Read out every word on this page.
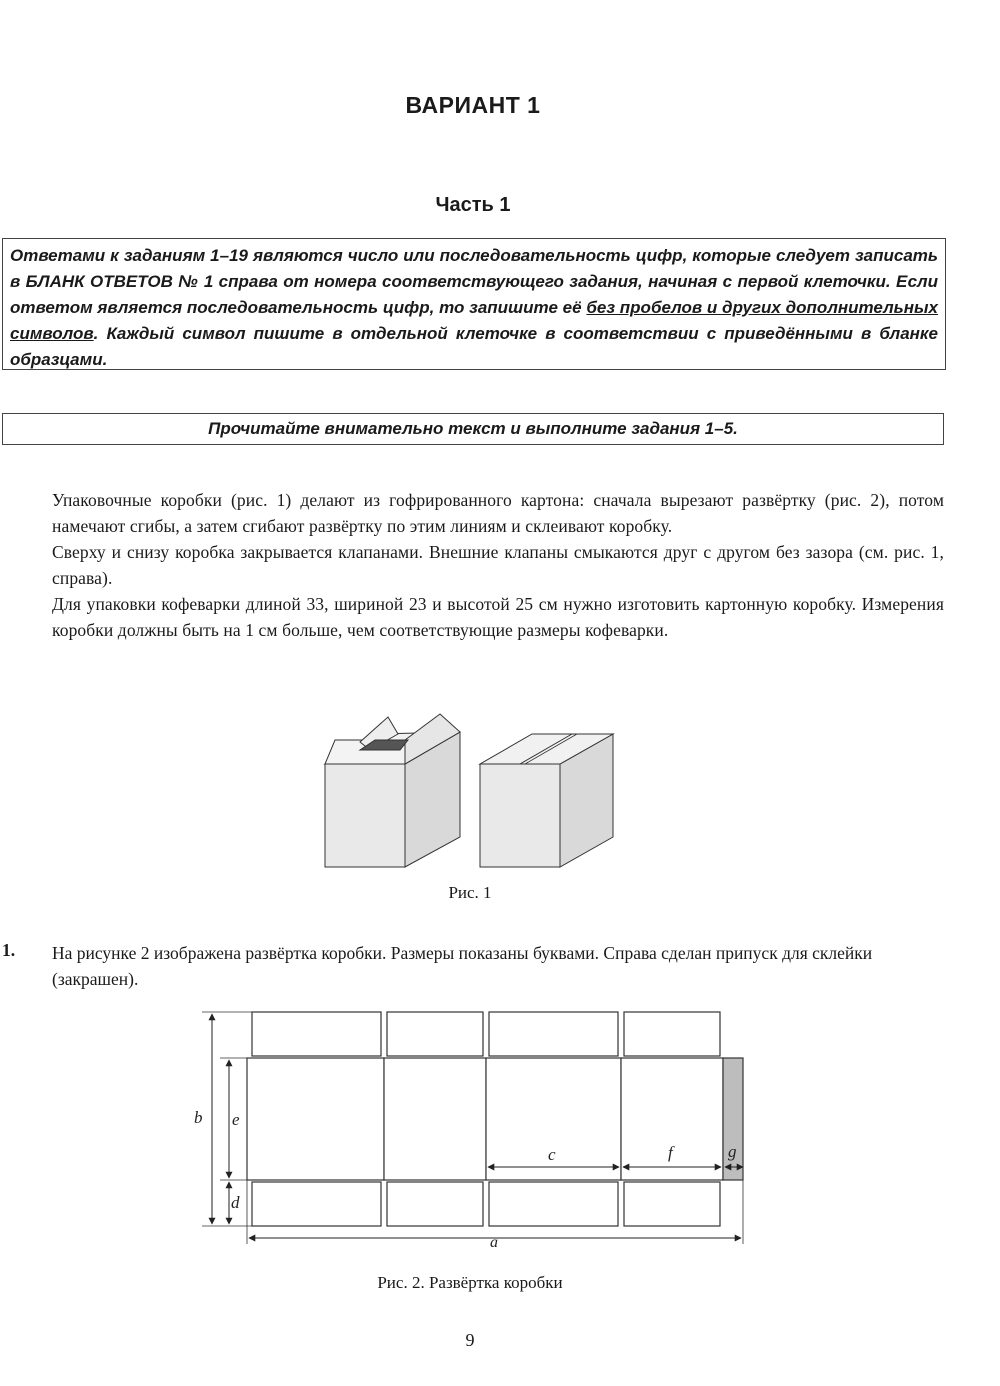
ВАРИАНТ 1
Часть 1
Ответами к заданиям 1–19 являются число или последовательность цифр, которые следует записать в БЛАНК ОТВЕТОВ № 1 справа от номера соответствующего задания, начиная с первой клеточки. Если ответом является последовательность цифр, то запишите её без пробелов и других дополнительных символов. Каждый символ пишите в отдельной клеточке в соответствии с приведёнными в бланке образцами.
Прочитайте внимательно текст и выполните задания 1–5.

Упаковочные коробки (рис. 1) делают из гофрированного картона: сначала вырезают развёртку (рис. 2), потом намечают сгибы, а затем сгибают развёртку по этим линиям и склеивают коробку.

Сверху и снизу коробка закрывается клапанами. Внешние клапаны смыкаются друг с другом без зазора (см. рис. 1, справа).

Для упаковки кофеварки длиной 33, шириной 23 и высотой 25 см нужно изготовить картонную коробку. Измерения коробки должны быть на 1 см больше, чем соответствующие размеры кофеварки.

Рис. 1
1. На рисунке 2 изображена развёртка коробки. Размеры показаны буквами. Справа сделан припуск для склейки (закрашен).
b e
d
c	f	g
a
Рис. 2. Развёртка коробки
9
